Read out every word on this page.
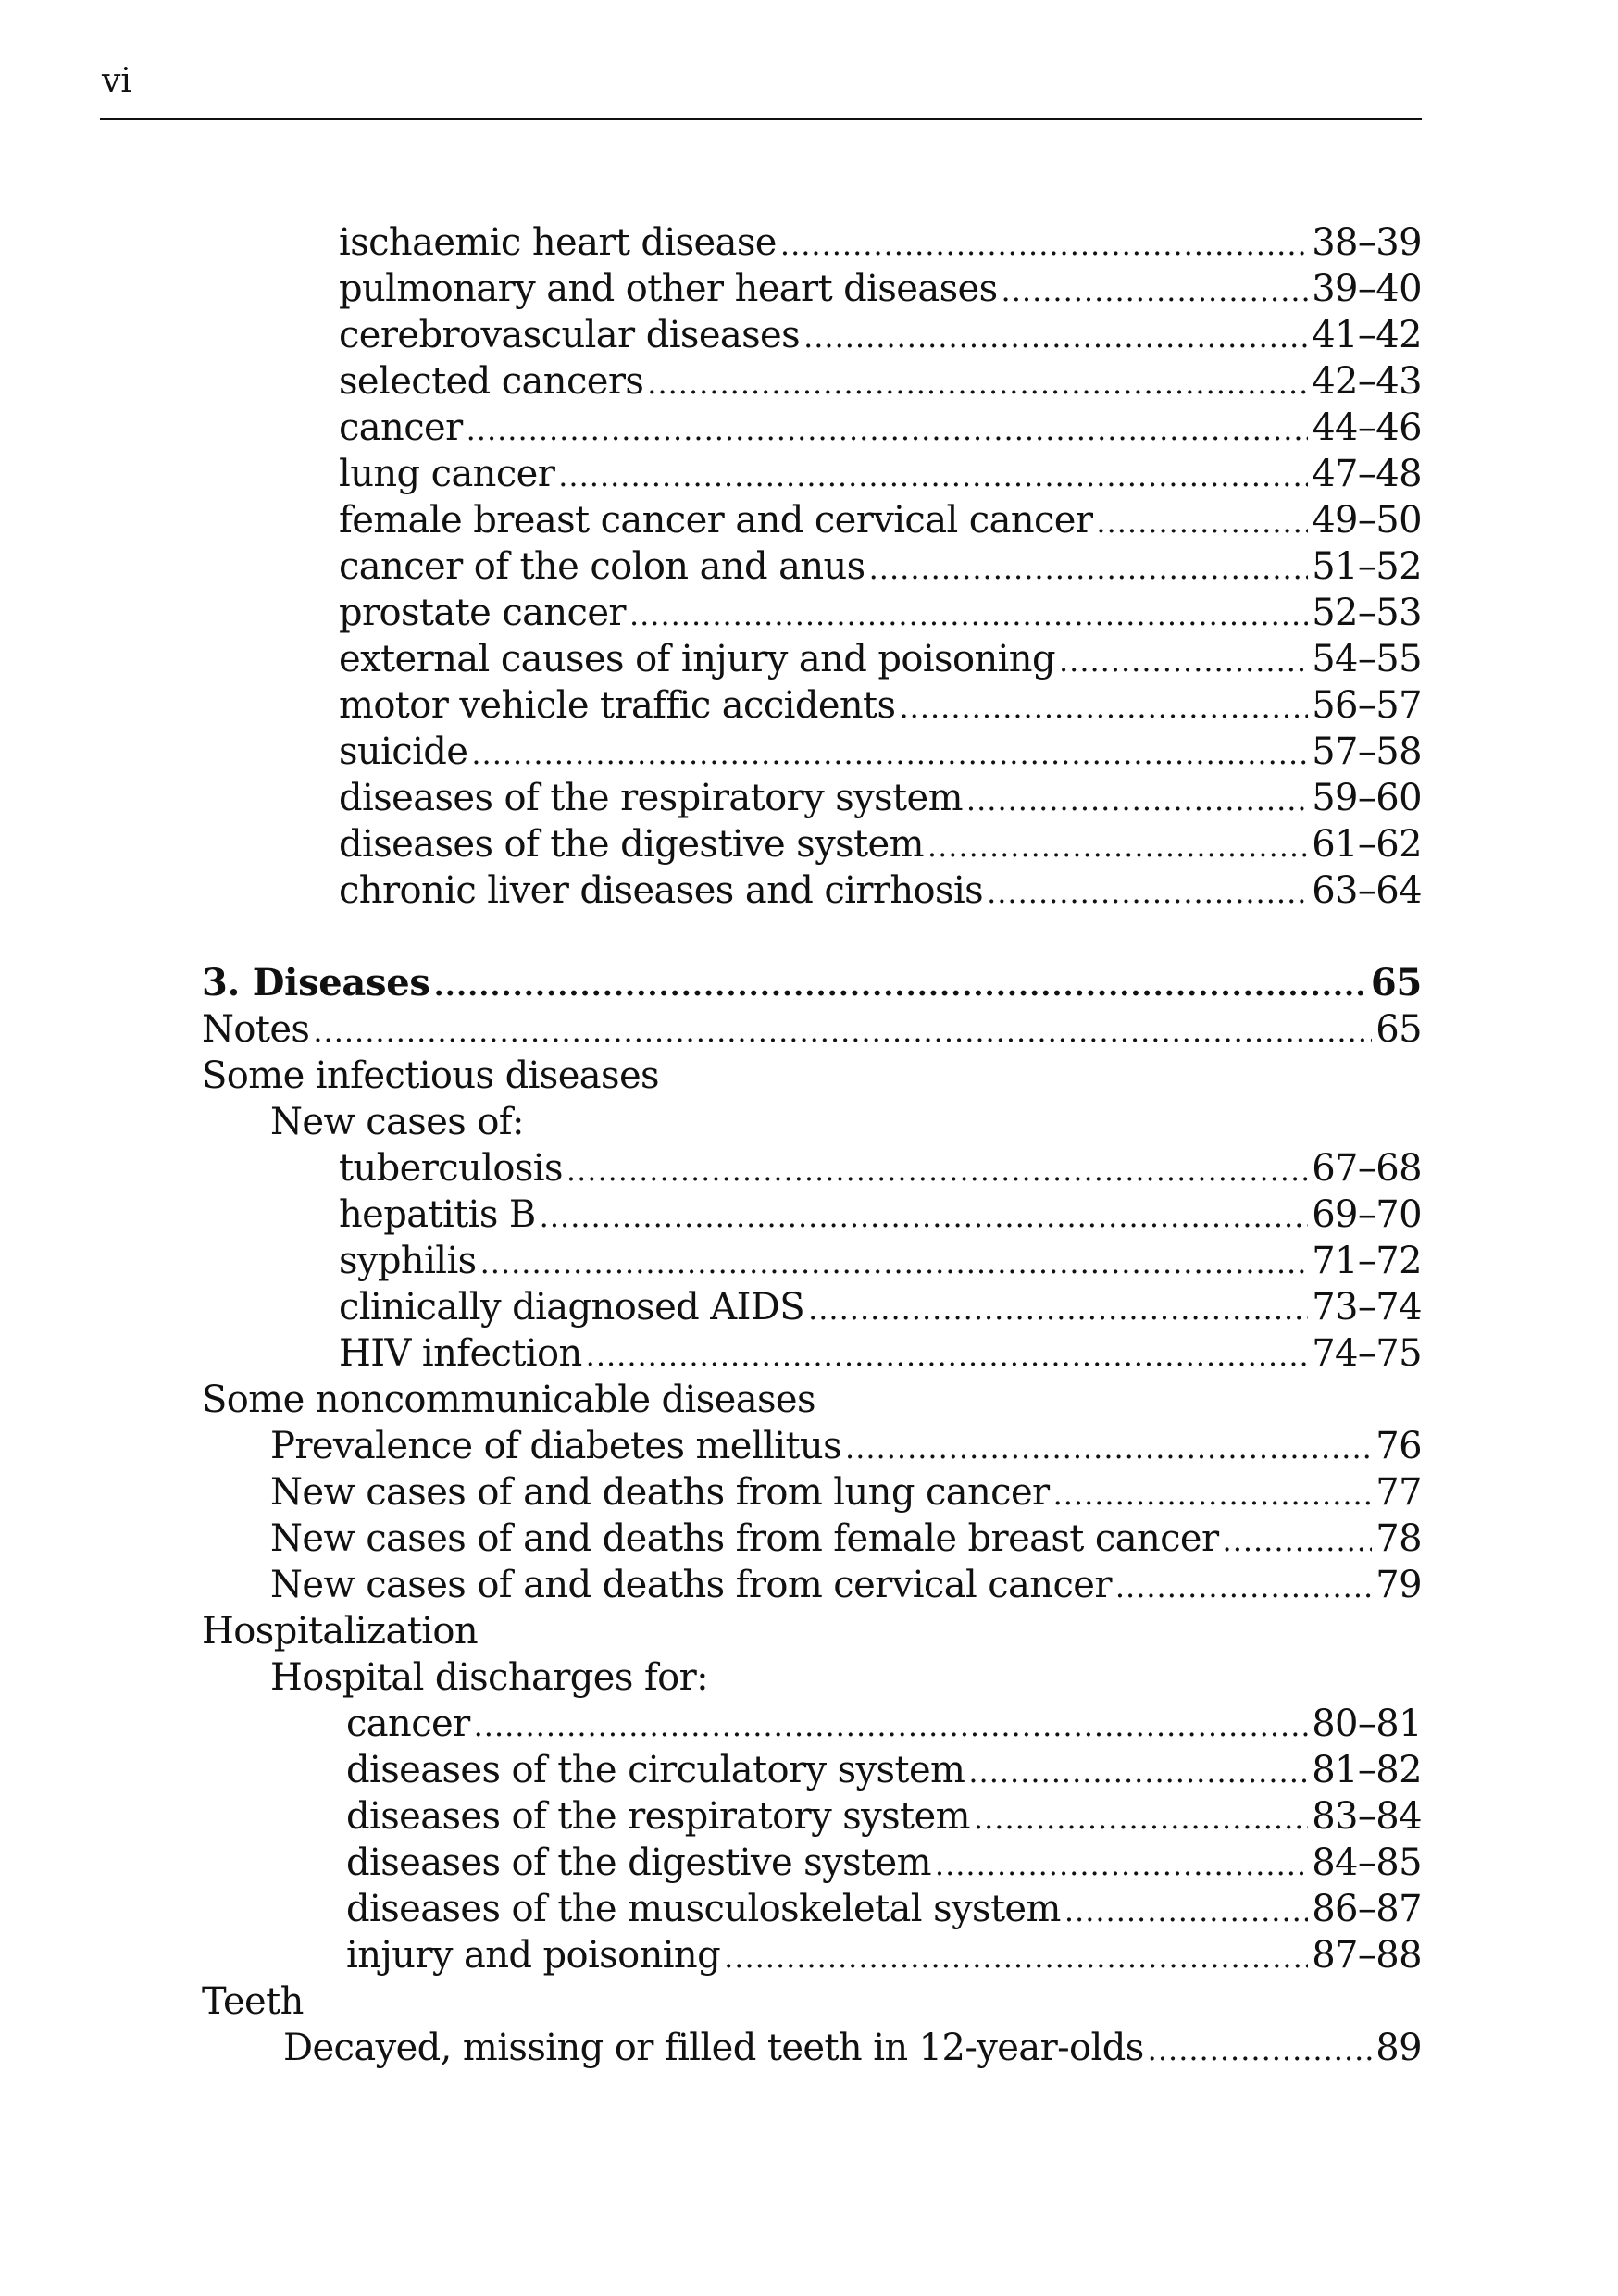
vi
ischaemic heart disease .....	38–39
pulmonary and other heart diseases .....	39–40
cerebrovascular diseases .....	41–42
selected cancers .....	42–43
cancer .....	44–46
lung cancer .....	47–48
female breast cancer and cervical cancer .....	49–50
cancer of the colon and anus .....	51–52
prostate cancer .....	52–53
external causes of injury and poisoning .....	54–55
motor vehicle traffic accidents .....	56–57
suicide .....	57–58
diseases of the respiratory system .....	59–60
diseases of the digestive system .....	61–62
chronic liver diseases and cirrhosis .....	63–64
3. Diseases .....	65
Notes .....	65
Some infectious diseases
New cases of:
tuberculosis .....	67–68
hepatitis B .....	69–70
syphilis .....	71–72
clinically diagnosed AIDS .....	73–74
HIV infection .....	74–75
Some noncommunicable diseases
Prevalence of diabetes mellitus .....	76
New cases of and deaths from lung cancer .....	77
New cases of and deaths from female breast cancer .....	78
New cases of and deaths from cervical cancer .....	79
Hospitalization
Hospital discharges for:
cancer .....	80–81
diseases of the circulatory system .....	81–82
diseases of the respiratory system .....	83–84
diseases of the digestive system .....	84–85
diseases of the musculoskeletal system .....	86–87
injury and poisoning .....	87–88
Teeth
Decayed, missing or filled teeth in 12-year-olds .....	89
